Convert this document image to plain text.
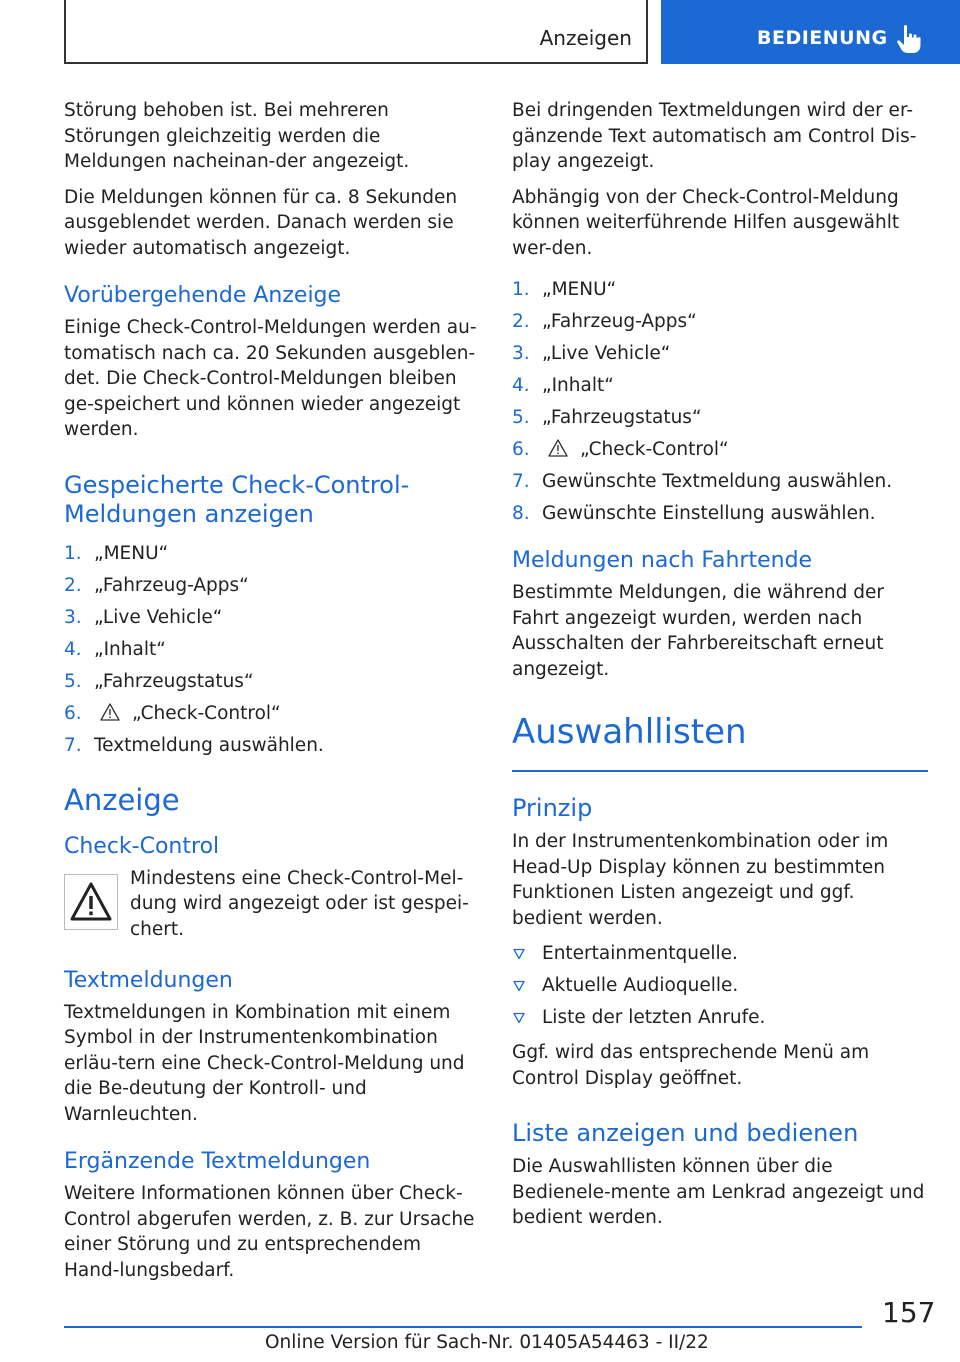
Anzeigen	BEDIENUNG

Störung behoben ist. Bei mehreren Störungen gleichzeitig werden die Meldungen nacheinan-der angezeigt.

Die Meldungen können für ca. 8 Sekunden ausgeblendet werden. Danach werden sie wieder automatisch angezeigt.

Vorübergehende Anzeige

Einige Check-Control-Meldungen werden au-tomatisch nach ca. 20 Sekunden ausgeblen-det. Die Check-Control-Meldungen bleiben ge-speichert und können wieder angezeigt werden.

Gespeicherte Check-Control-Meldungen anzeigen
1. „MENU“
2. „Fahrzeug-Apps“
3. „Live Vehicle“
4. „Inhalt“
5. „Fahrzeugstatus“
6.	„Check-Control“
7. Textmeldung auswählen.
Anzeige
Check-Control

Mindestens eine Check-Control-Mel-dung wird angezeigt oder ist gespei-chert.

Textmeldungen

Textmeldungen in Kombination mit einem Symbol in der Instrumentenkombination erläu-tern eine Check-Control-Meldung und die Be-deutung der Kontroll- und Warnleuchten.

Ergänzende Textmeldungen

Weitere Informationen können über Check-Control abgerufen werden, z. B. zur Ursache einer Störung und zu entsprechendem Hand-lungsbedarf.

Bei dringenden Textmeldungen wird der er-gänzende Text automatisch am Control Dis-play angezeigt.

Abhängig von der Check-Control-Meldung können weiterführende Hilfen ausgewählt wer-den.

1. „MENU“
2. „Fahrzeug-Apps“
3. „Live Vehicle“
4. „Inhalt“
5. „Fahrzeugstatus“
6.	„Check-Control“
7. Gewünschte Textmeldung auswählen.
8. Gewünschte Einstellung auswählen.
Meldungen nach Fahrtende

Bestimmte Meldungen, die während der Fahrt angezeigt wurden, werden nach Ausschalten der Fahrbereitschaft erneut angezeigt.

Auswahllisten
Prinzip

In der Instrumentenkombination oder im Head-Up Display können zu bestimmten Funktionen Listen angezeigt und ggf. bedient werden.

Entertainmentquelle.
Aktuelle Audioquelle.
Liste der letzten Anrufe.

Ggf. wird das entsprechende Menü am Control Display geöffnet.

Liste anzeigen und bedienen

Die Auswahllisten können über die Bedienele-mente am Lenkrad angezeigt und bedient werden.

157
Online Version für Sach-Nr. 01405A54463 - II/22
